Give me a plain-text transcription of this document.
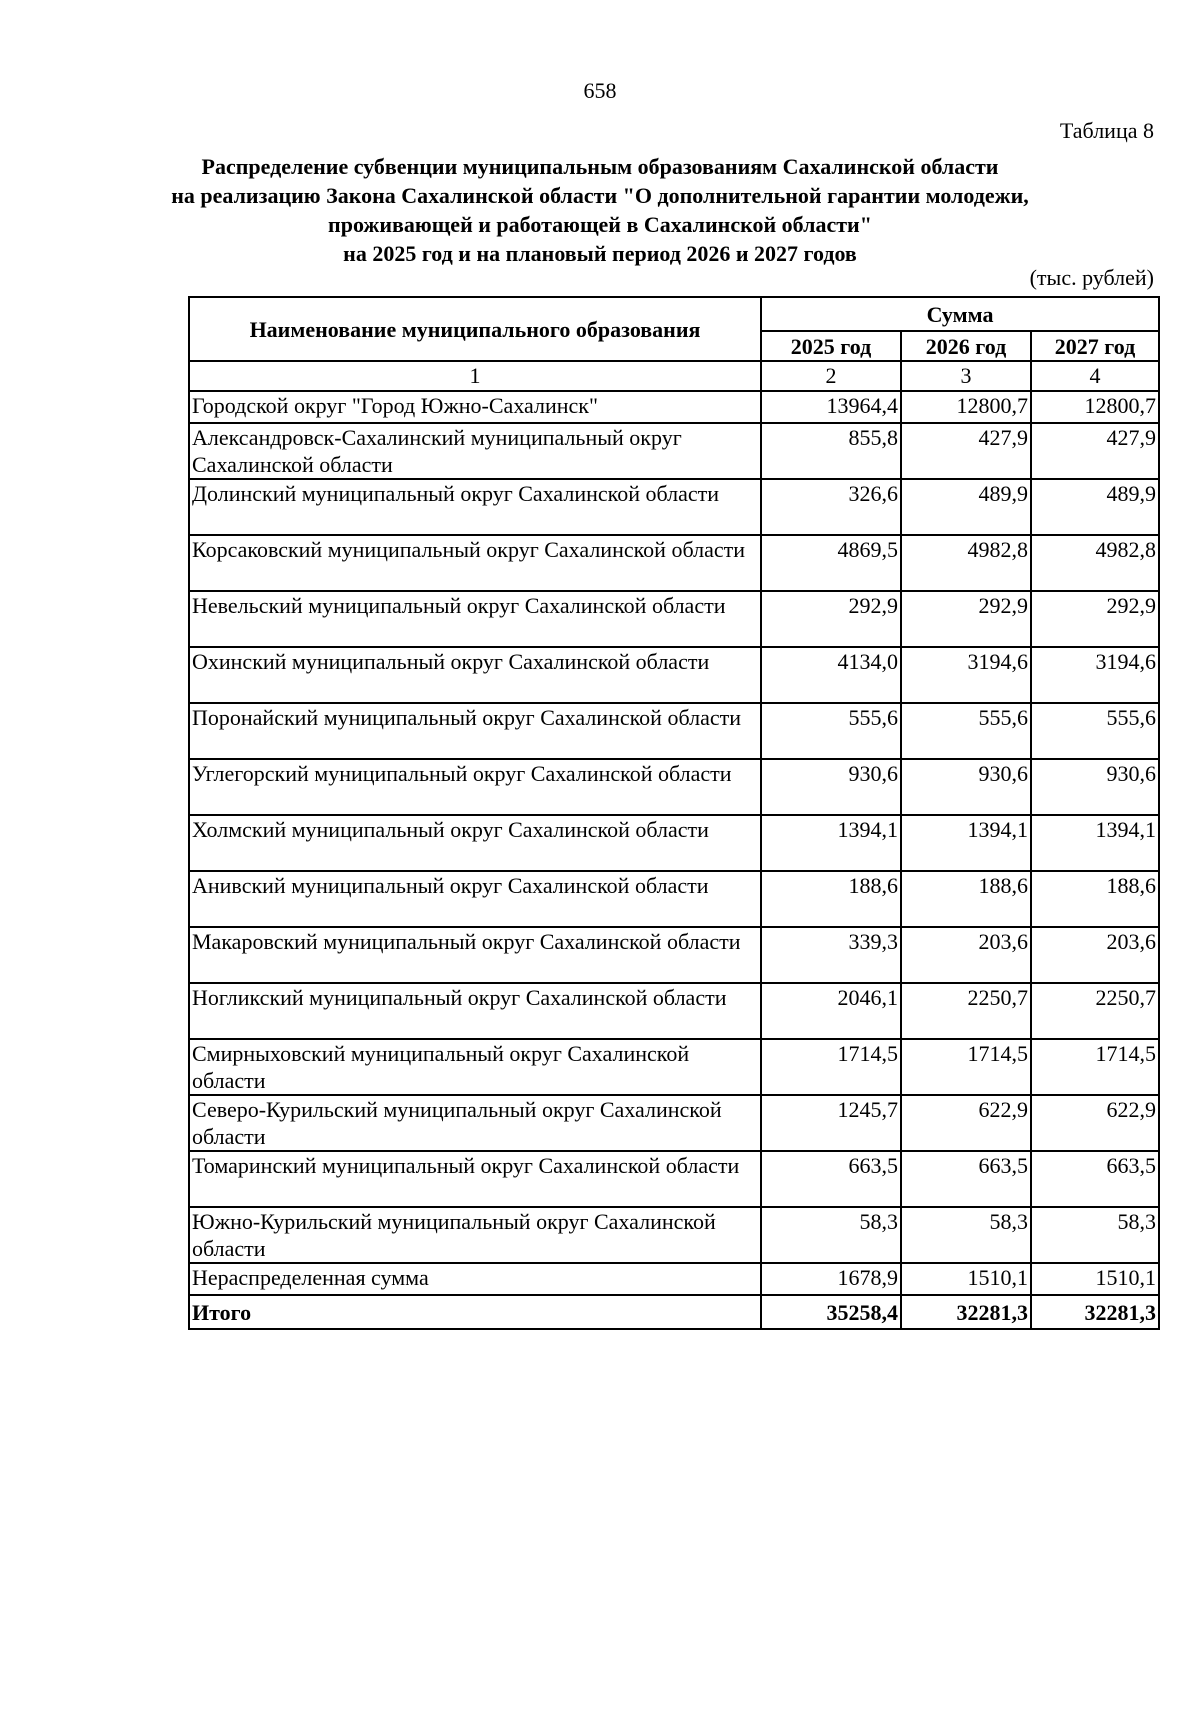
658
Таблица 8
Распределение субвенции муниципальным образованиям Сахалинской области
на реализацию Закона Сахалинской области "О дополнительной гарантии молодежи,
проживающей и работающей в Сахалинской области"
на 2025 год и на плановый период 2026 и 2027 годов
(тыс. рублей)
Наименование муниципального образования	Сумма		
	2025 год	2026 год	2027 год
1	2	3	4
Городской округ "Город Южно-Сахалинск"	13964,4	12800,7	12800,7
Александровск-Сахалинский муниципальный округ Сахалинской области	855,8	427,9	427,9
Долинский муниципальный округ Сахалинской области	326,6	489,9	489,9
Корсаковский муниципальный округ Сахалинской области	4869,5	4982,8	4982,8
Невельский муниципальный округ Сахалинской области	292,9	292,9	292,9
Охинский муниципальный округ Сахалинской области	4134,0	3194,6	3194,6
Поронайский муниципальный округ Сахалинской области	555,6	555,6	555,6
Углегорский муниципальный округ Сахалинской области	930,6	930,6	930,6
Холмский муниципальный округ Сахалинской области	1394,1	1394,1	1394,1
Анивский муниципальный округ Сахалинской области	188,6	188,6	188,6
Макаровский муниципальный округ Сахалинской области	339,3	203,6	203,6
Ногликский муниципальный округ Сахалинской области	2046,1	2250,7	2250,7
Смирныховский муниципальный округ Сахалинской области	1714,5	1714,5	1714,5
Северо-Курильский муниципальный округ Сахалинской области	1245,7	622,9	622,9
Томаринский муниципальный округ Сахалинской области	663,5	663,5	663,5
Южно-Курильский муниципальный округ Сахалинской области	58,3	58,3	58,3
Нераспределенная сумма	1678,9	1510,1	1510,1
Итого	35258,4	32281,3	32281,3
